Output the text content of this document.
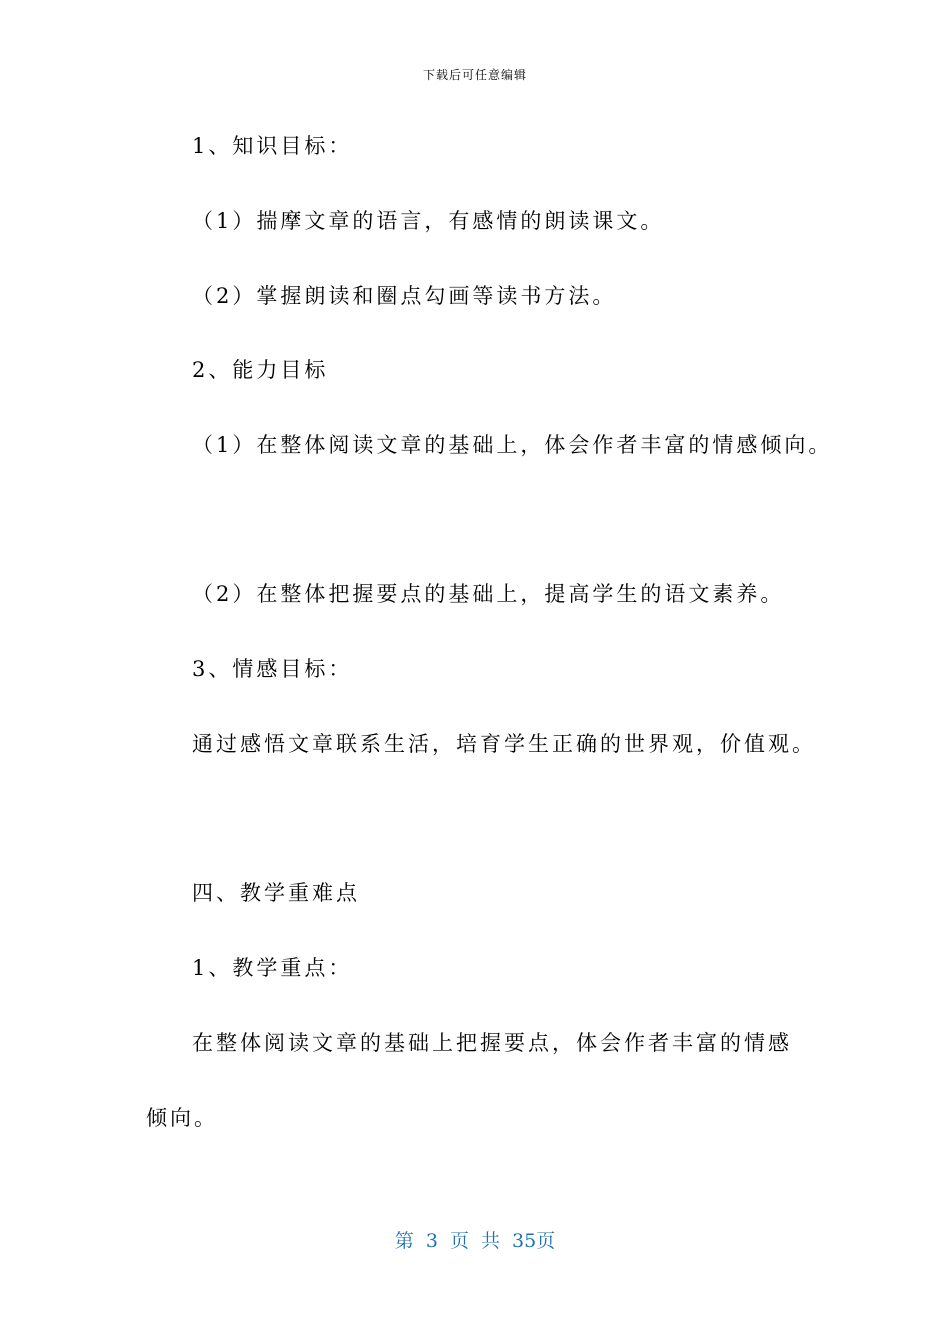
下载后可任意编辑
1、知识目标：
（1）揣摩文章的语言，有感情的朗读课文。
（2）掌握朗读和圈点勾画等读书方法。
2、能力目标
（1）在整体阅读文章的基础上，体会作者丰富的情感倾向。
（2）在整体把握要点的基础上，提高学生的语文素养。
3、情感目标：
通过感悟文章联系生活，培育学生正确的世界观，价值观。
四、教学重难点
1、教学重点：
在整体阅读文章的基础上把握要点，体会作者丰富的情感
倾向。
第 3 页 共 35页
